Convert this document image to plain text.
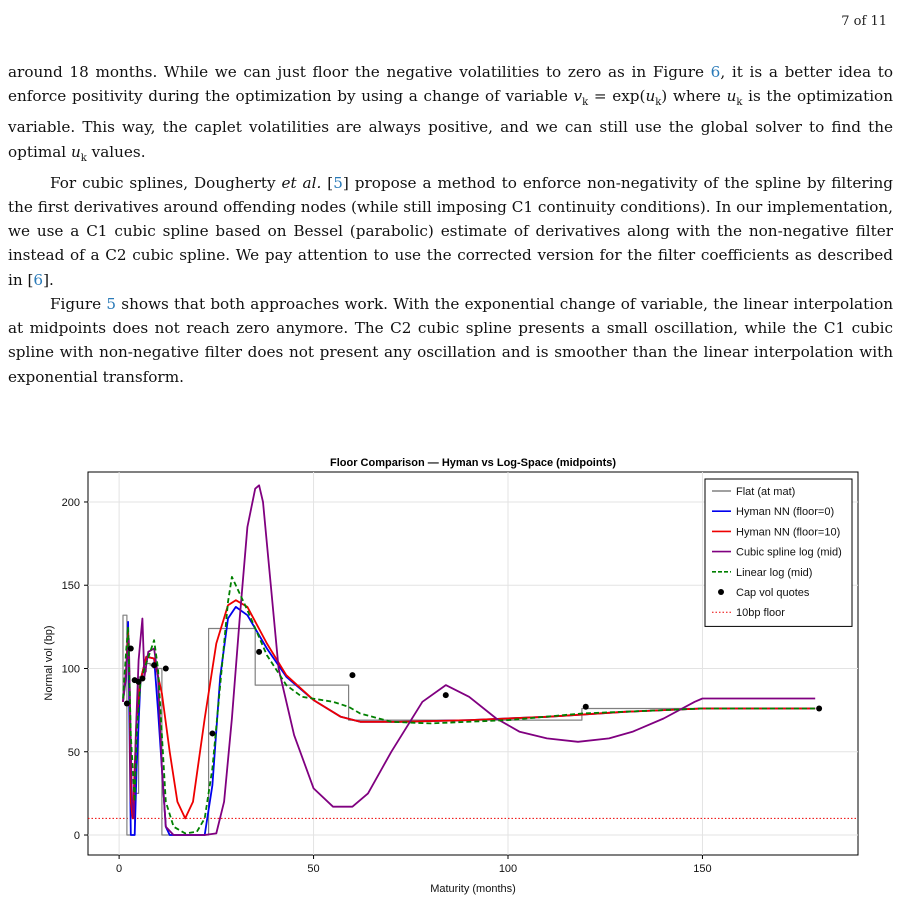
7 of 11

around 18 months. While we can just floor the negative volatilities to zero as in Figure 6, it is a better idea to enforce positivity during the optimization by using a change of variable $v_k = \exp(u_k)$ where $u_k$ is the optimization variable. This way, the caplet volatilities are always positive, and we can still use the global solver to find the optimal $u_k$ values.

For cubic splines, Dougherty et al. [5] propose a method to enforce non-negativity of the spline by filtering the first derivatives around offending nodes (while still imposing C1 continuity conditions). In our implementation, we use a C1 cubic spline based on Bessel (parabolic) estimate of derivatives along with the non-negative filter instead of a C2 cubic spline. We pay attention to use the corrected version for the filter coefficients as described in [6].

Figure 5 shows that both approaches work. With the exponential change of variable, the linear interpolation at midpoints does not reach zero anymore. The C2 cubic spline presents a small oscillation, while the C1 cubic spline with non-negative filter does not present any oscillation and is smoother than the linear interpolation with exponential transform.

Floor Comparison — Hyman vs Log-Space (midpoints)
Maturity (months)
Normal vol (bp)
0	50	100	150
0
50
100
150
200
Flat (at mat)
Hyman NN (floor=0)
Hyman NN (floor=10)
Cubic spline log (mid)
Linear log (mid)
Cap vol quotes
10bp floor
